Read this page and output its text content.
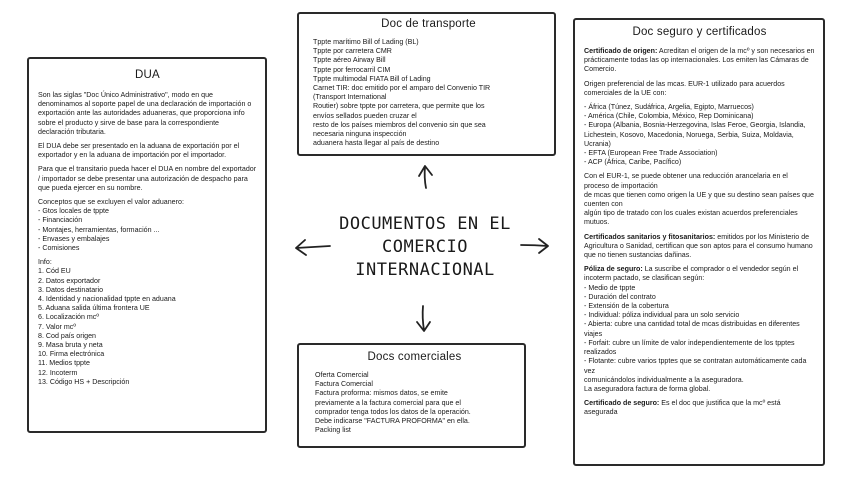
DOCUMENTOS EN EL
COMERCIO
INTERNACIONAL
DUA

Son las siglas "Doc Único Administrativo", modo en que denominamos al soporte papel de una declaración de importación o exportación ante las autoridades aduaneras, que proporciona info sobre el producto y sirve de base para la correspondiente declaración tributaria.

El DUA debe ser presentado en la aduana de exportación por el exportador y en la aduana de importación por el importador.

Para que el transitario pueda hacer el DUA en nombre del exportador / importador se debe presentar una autorización de despacho para que pueda ejercer en su nombre.

Conceptos que se excluyen el valor aduanero:
- Gtos locales de tppte
- Financiación
- Montajes, herramientas, formación ...
- Envases y embalajes
- Comisiones
Info:
1. Cód EU
2. Datos exportador
3. Datos destinatario
4. Identidad y nacionalidad tppte en aduana
5. Aduana salida última frontera UE
6. Localización mcº
7. Valor mcº
8. Cod país origen
9. Masa bruta y neta
10. Firma electrónica
11. Medios tppte
12. Incoterm
13. Código HS + Descripción
Doc de transporte
Tppte marítimo Bill of Lading (BL)
Tppte por carretera CMR
Tppte aéreo Airway Bill
Tppte por ferrocarril CIM
Tppte multimodal FIATA Bill of Lading
Carnet TIR: doc emitido por el amparo del Convenio TIR
(Transport International
Routier) sobre tppte por carretera, que permite que los
envíos sellados pueden cruzar el
resto de los países miembros del convenio sin que sea
necesaria ninguna inspección
aduanera hasta llegar al país de destino
Docs comerciales
Oferta Comercial
Factura Comercial
Factura proforma: mismos datos, se emite
previamente a la factura comercial para que el
comprador tenga todos los datos de la operación.
Debe indicarse "FACTURA PROFORMA" en ella.
Packing list
Doc seguro y certificados

Certificado de origen: Acreditan el origen de la mcº y son necesarios en prácticamente todas las op internacionales. Los emiten las Cámaras de Comercio.

Origen preferencial de las mcas. EUR-1 utilizado para acuerdos comerciales de la UE con:

- África (Túnez, Sudáfrica, Argelia, Egipto, Marruecos)
- América (Chile, Colombia, México, Rep Dominicana)
- Europa (Albania, Bosnia-Herzegovina, Islas Feroe, Georgia, Islandia,
Lichestein, Kosovo, Macedonia, Noruega, Serbia, Suiza, Moldavia, Ucrania)
- EFTA (European Free Trade Association)
- ACP (África, Caribe, Pacífico)
Con el EUR-1, se puede obtener una reducción arancelaria en el proceso de importación
de mcas que tienen como origen la UE y que su destino sean países que cuenten con
algún tipo de tratado con los cuales existan acuerdos preferenciales mutuos.

Certificados sanitarios y fitosanitarios: emitidos por los Ministerio de Agricultura o Sanidad, certifican que son aptos para el consumo humano que no tienen sustancias dañinas.

Póliza de seguro: La suscribe el comprador o el vendedor según el incoterm pactado, se clasifican según:
- Medio de tppte
- Duración del contrato
- Extensión de la cobertura
- Individual: póliza individual para un solo servicio
- Abierta: cubre una cantidad total de mcas distribuidas en diferentes viajes
- Forfait: cubre un límite de valor independientemente de los tpptes realizados
- Flotante: cubre varios tpptes que se contratan automáticamente cada vez
comunicándolos individualmente a la aseguradora.
La aseguradora factura de forma global.

Certificado de seguro: Es el doc que justifica que la mcº está asegurada
